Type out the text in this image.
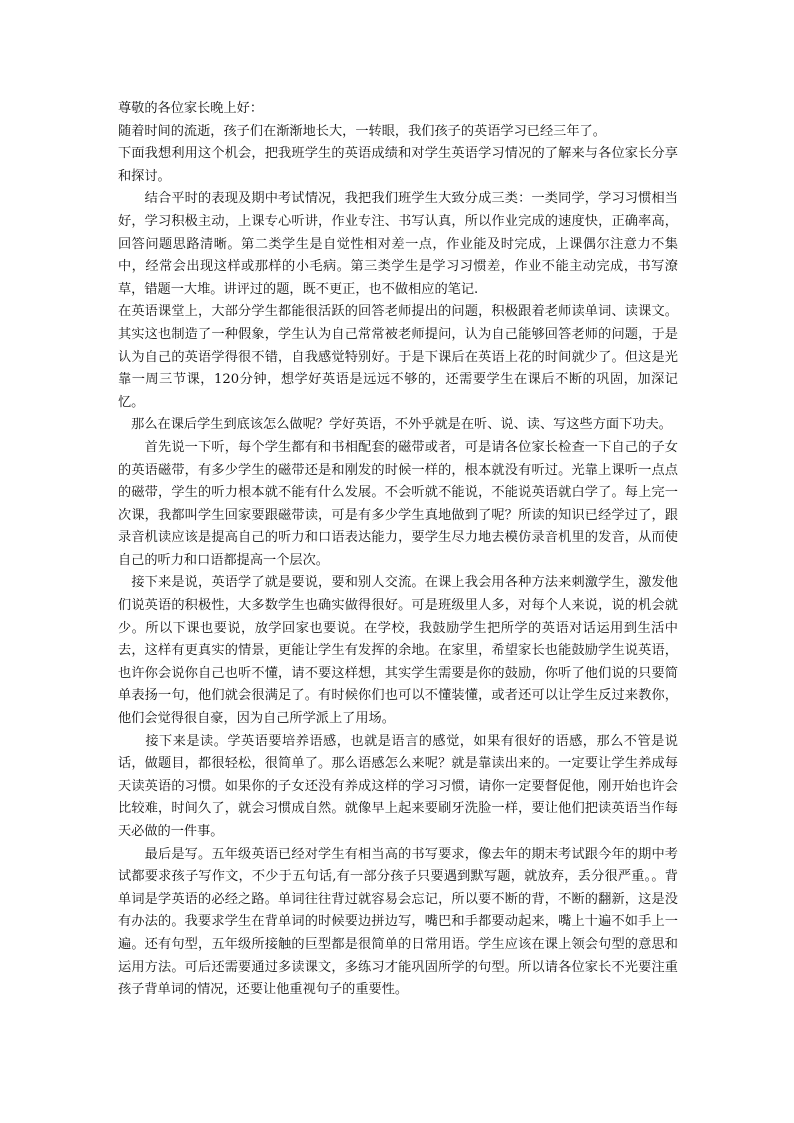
尊敬的各位家长晚上好：

随着时间的流逝，孩子们在渐渐地长大，一转眼，我们孩子的英语学习已经三年了。

下面我想利用这个机会，把我班学生的英语成绩和对学生英语学习情况的了解来与各位家长分享和探讨。

　　结合平时的表现及期中考试情况，我把我们班学生大致分成三类：一类同学，学习习惯相当好，学习积极主动，上课专心听讲，作业专注、书写认真，所以作业完成的速度快，正确率高，回答问题思路清晰。第二类学生是自觉性相对差一点，作业能及时完成，上课偶尔注意力不集中，经常会出现这样或那样的小毛病。第三类学生是学习习惯差，作业不能主动完成，书写潦草，错题一大堆。讲评过的题，既不更正，也不做相应的笔记.

在英语课堂上，大部分学生都能很活跃的回答老师提出的问题，积极跟着老师读单词、读课文。其实这也制造了一种假象，学生认为自己常常被老师提问，认为自己能够回答老师的问题，于是认为自己的英语学得很不错，自我感觉特别好。于是下课后在英语上花的时间就少了。但这是光靠一周三节课，120分钟，想学好英语是远远不够的，还需要学生在课后不断的巩固，加深记忆。

　那么在课后学生到底该怎么做呢？学好英语，不外乎就是在听、说、读、写这些方面下功夫。

　　首先说一下听，每个学生都有和书相配套的磁带或者，可是请各位家长检查一下自己的子女的英语磁带，有多少学生的磁带还是和刚发的时候一样的，根本就没有听过。光靠上课听一点点的磁带，学生的听力根本就不能有什么发展。不会听就不能说，不能说英语就白学了。每上完一次课，我都叫学生回家要跟磁带读，可是有多少学生真地做到了呢？所读的知识已经学过了，跟录音机读应该是提高自己的听力和口语表达能力，要学生尽力地去模仿录音机里的发音，从而使自己的听力和口语都提高一个层次。

　接下来是说，英语学了就是要说，要和别人交流。在课上我会用各种方法来刺激学生，激发他们说英语的积极性，大多数学生也确实做得很好。可是班级里人多，对每个人来说，说的机会就少。所以下课也要说，放学回家也要说。在学校，我鼓励学生把所学的英语对话运用到生活中去，这样有更真实的情景，更能让学生有发挥的余地。在家里，希望家长也能鼓励学生说英语，也许你会说你自己也听不懂，请不要这样想，其实学生需要是你的鼓励，你听了他们说的只要简单表扬一句，他们就会很满足了。有时候你们也可以不懂装懂，或者还可以让学生反过来教你，他们会觉得很自豪，因为自己所学派上了用场。

　　接下来是读。学英语要培养语感，也就是语言的感觉，如果有很好的语感，那么不管是说话，做题目，都很轻松，很简单了。那么语感怎么来呢？就是靠读出来的。一定要让学生养成每天读英语的习惯。如果你的子女还没有养成这样的学习习惯，请你一定要督促他，刚开始也许会比较难，时间久了，就会习惯成自然。就像早上起来要刷牙洗脸一样，要让他们把读英语当作每天必做的一件事。

　　最后是写。五年级英语已经对学生有相当高的书写要求，像去年的期末考试跟今年的期中考试都要求孩子写作文，不少于五句话,有一部分孩子只要遇到默写题，就放弃，丢分很严重。。背单词是学英语的必经之路。单词往往背过就容易会忘记，所以要不断的背，不断的翻新，这是没有办法的。我要求学生在背单词的时候要边拼边写，嘴巴和手都要动起来，嘴上十遍不如手上一遍。还有句型，五年级所接触的巨型都是很简单的日常用语。学生应该在课上领会句型的意思和运用方法。可后还需要通过多读课文，多练习才能巩固所学的句型。所以请各位家长不光要注重孩子背单词的情况，还要让他重视句子的重要性。
